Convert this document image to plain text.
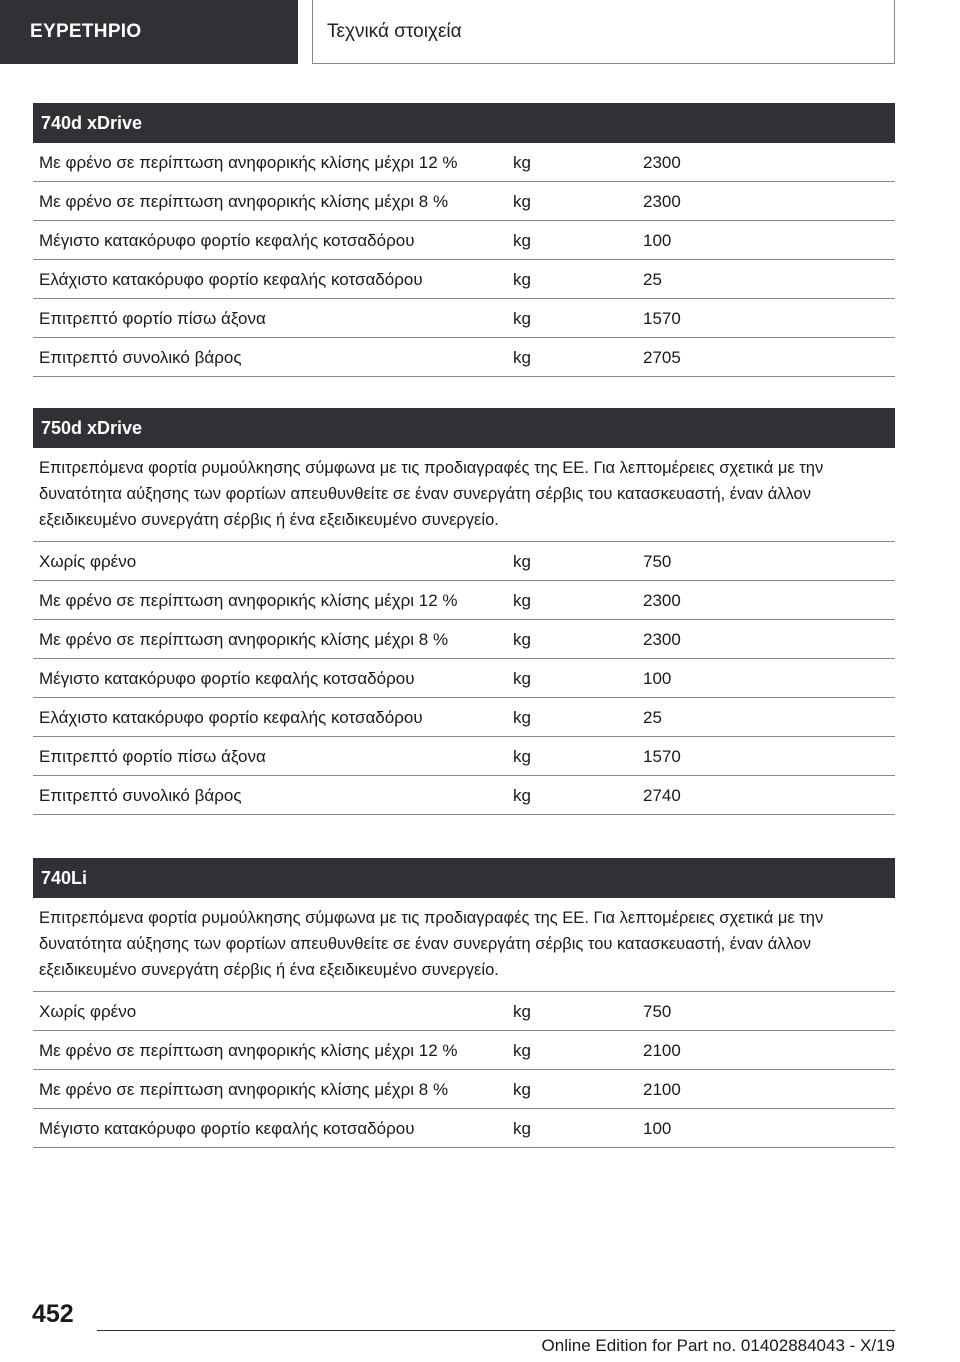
ΕΥΡΕΤΗΡΙΟ	Τεχνικά στοιχεία
740d xDrive
Με φρένο σε περίπτωση ανηφορικής κλίσης μέχρι 12 %	kg	2300
Με φρένο σε περίπτωση ανηφορικής κλίσης μέχρι 8 %	kg	2300
Μέγιστο κατακόρυφο φορτίο κεφαλής κοτσαδόρου	kg	100
Ελάχιστο κατακόρυφο φορτίο κεφαλής κοτσαδόρου	kg	25
Επιτρεπτό φορτίο πίσω άξονα	kg	1570
Επιτρεπτό συνολικό βάρος	kg	2705
750d xDrive
Επιτρεπόμενα φορτία ρυμούλκησης σύμφωνα με τις προδιαγραφές της ΕΕ. Για λεπτομέρειες σχετικά με την δυνατότητα αύξησης των φορτίων απευθυνθείτε σε έναν συνεργάτη σέρβις του κατασκευαστή, έναν άλλον εξειδικευμένο συνεργάτη σέρβις ή ένα εξειδικευμένο συνεργείο.
Χωρίς φρένο	kg	750
Με φρένο σε περίπτωση ανηφορικής κλίσης μέχρι 12 %	kg	2300
Με φρένο σε περίπτωση ανηφορικής κλίσης μέχρι 8 %	kg	2300
Μέγιστο κατακόρυφο φορτίο κεφαλής κοτσαδόρου	kg	100
Ελάχιστο κατακόρυφο φορτίο κεφαλής κοτσαδόρου	kg	25
Επιτρεπτό φορτίο πίσω άξονα	kg	1570
Επιτρεπτό συνολικό βάρος	kg	2740
740Li
Επιτρεπόμενα φορτία ρυμούλκησης σύμφωνα με τις προδιαγραφές της ΕΕ. Για λεπτομέρειες σχετικά με την δυνατότητα αύξησης των φορτίων απευθυνθείτε σε έναν συνεργάτη σέρβις του κατασκευαστή, έναν άλλον εξειδικευμένο συνεργάτη σέρβις ή ένα εξειδικευμένο συνεργείο.
Χωρίς φρένο	kg	750
Με φρένο σε περίπτωση ανηφορικής κλίσης μέχρι 12 %	kg	2100
Με φρένο σε περίπτωση ανηφορικής κλίσης μέχρι 8 %	kg	2100
Μέγιστο κατακόρυφο φορτίο κεφαλής κοτσαδόρου	kg	100
452
Online Edition for Part no. 01402884043 - X/19
